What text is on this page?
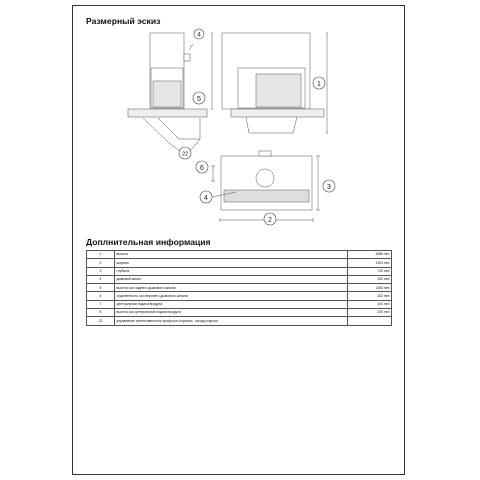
Размерный эскиз
4
5
22
1
6
4
3
2
Доплнительная информация
1	высота	1586 mm
2	ширина	1303 mm
3	глубина	740 mm
4	дымовой канал	150 mm
5	высота оси заднего дымового канала	1284 mm
6	отдаленность оси верхнего дымового канала	282 mm
7	центральная подача воздуха	100 mm
8	высота оси центральной подачи воздуха	230 mm
22	управление интенсивностью процесса сгорания - назад открыто	
